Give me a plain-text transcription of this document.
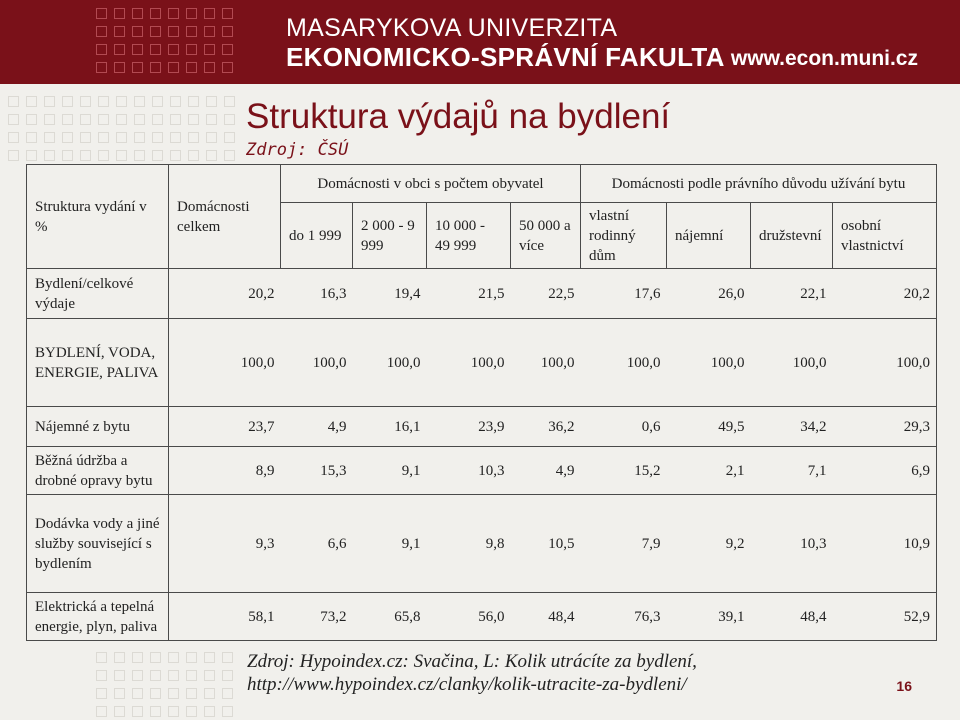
MASARYKOVA UNIVERZITA
EKONOMICKO-SPRÁVNÍ FAKULTA www.econ.muni.cz
Struktura výdajů na bydlení
Zdroj: ČSÚ
Struktura vydání v %	Domácnosti celkem	Domácnosti v obci s počtem obyvatel				Domácnosti podle právního důvodu užívání bytu			
		do 1 999	2 000 - 9 999	10 000 - 49 999	50 000 a více	vlastní rodinný dům	nájemní	družstevní	osobní vlastnictví
Bydlení/celkové výdaje	20,2	16,3	19,4	21,5	22,5	17,6	26,0	22,1	20,2
BYDLENÍ, VODA, ENERGIE, PALIVA	100,0	100,0	100,0	100,0	100,0	100,0	100,0	100,0	100,0
Nájemné z bytu	23,7	4,9	16,1	23,9	36,2	0,6	49,5	34,2	29,3
Běžná údržba a drobné opravy bytu	8,9	15,3	9,1	10,3	4,9	15,2	2,1	7,1	6,9
Dodávka vody a jiné služby související s bydlením	9,3	6,6	9,1	9,8	10,5	7,9	9,2	10,3	10,9
Elektrická a tepelná energie, plyn, paliva	58,1	73,2	65,8	56,0	48,4	76,3	39,1	48,4	52,9
Zdroj: Hypoindex.cz: Svačina, L: Kolik utrácíte za bydlení,
http://www.hypoindex.cz/clanky/kolik-utracite-za-bydleni/	16
